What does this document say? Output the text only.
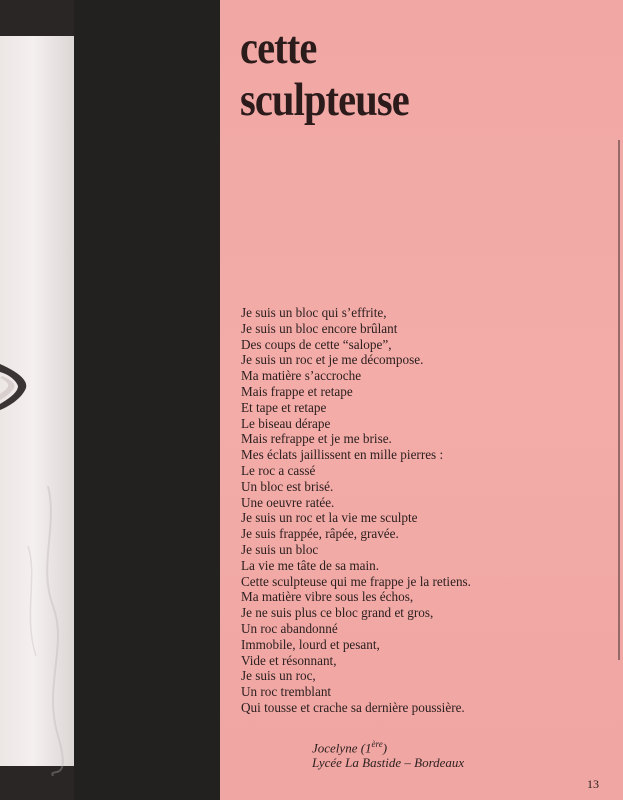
cette
sculpteuse
Je suis un bloc qui s’effrite,
Je suis un bloc encore brûlant
Des coups de cette “salope”,
Je suis un roc et je me décompose.
Ma matière s’accroche
Mais frappe et retape
Et tape et retape
Le biseau dérape
Mais refrappe et je me brise.
Mes éclats jaillissent en mille pierres :
Le roc a cassé
Un bloc est brisé.
Une oeuvre ratée.
Je suis un roc et la vie me sculpte
Je suis frappée, râpée, gravée.
Je suis un bloc
La vie me tâte de sa main.
Cette sculpteuse qui me frappe je la retiens.
Ma matière vibre sous les échos,
Je ne suis plus ce bloc grand et gros,
Un roc abandonné
Immobile, lourd et pesant,
Vide et résonnant,
Je suis un roc,
Un roc tremblant
Qui tousse et crache sa dernière poussière.
Jocelyne (1ère)
Lycée La Bastide – Bordeaux
13
